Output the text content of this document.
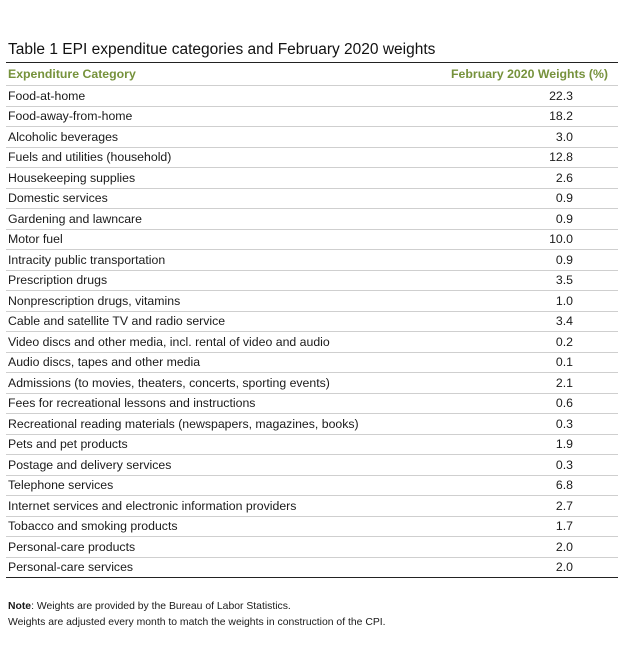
Table 1 EPI expenditue categories and February 2020 weights
Expenditure Category	February 2020 Weights (%)
Food-at-home	22.3
Food-away-from-home	18.2
Alcoholic beverages	3.0
Fuels and utilities (household)	12.8
Housekeeping supplies	2.6
Domestic services	0.9
Gardening and lawncare	0.9
Motor fuel	10.0
Intracity public transportation	0.9
Prescription drugs	3.5
Nonprescription drugs, vitamins	1.0
Cable and satellite TV and radio service	3.4
Video discs and other media, incl. rental of video and audio	0.2
Audio discs, tapes and other media	0.1
Admissions (to movies, theaters, concerts, sporting events)	2.1
Fees for recreational lessons and instructions	0.6
Recreational reading materials (newspapers, magazines, books)	0.3
Pets and pet products	1.9
Postage and delivery services	0.3
Telephone services	6.8
Internet services and electronic information providers	2.7
Tobacco and smoking products	1.7
Personal-care products	2.0
Personal-care services	2.0
Note: Weights are provided by the Bureau of Labor Statistics.
Weights are adjusted every month to match the weights in construction of the CPI.
